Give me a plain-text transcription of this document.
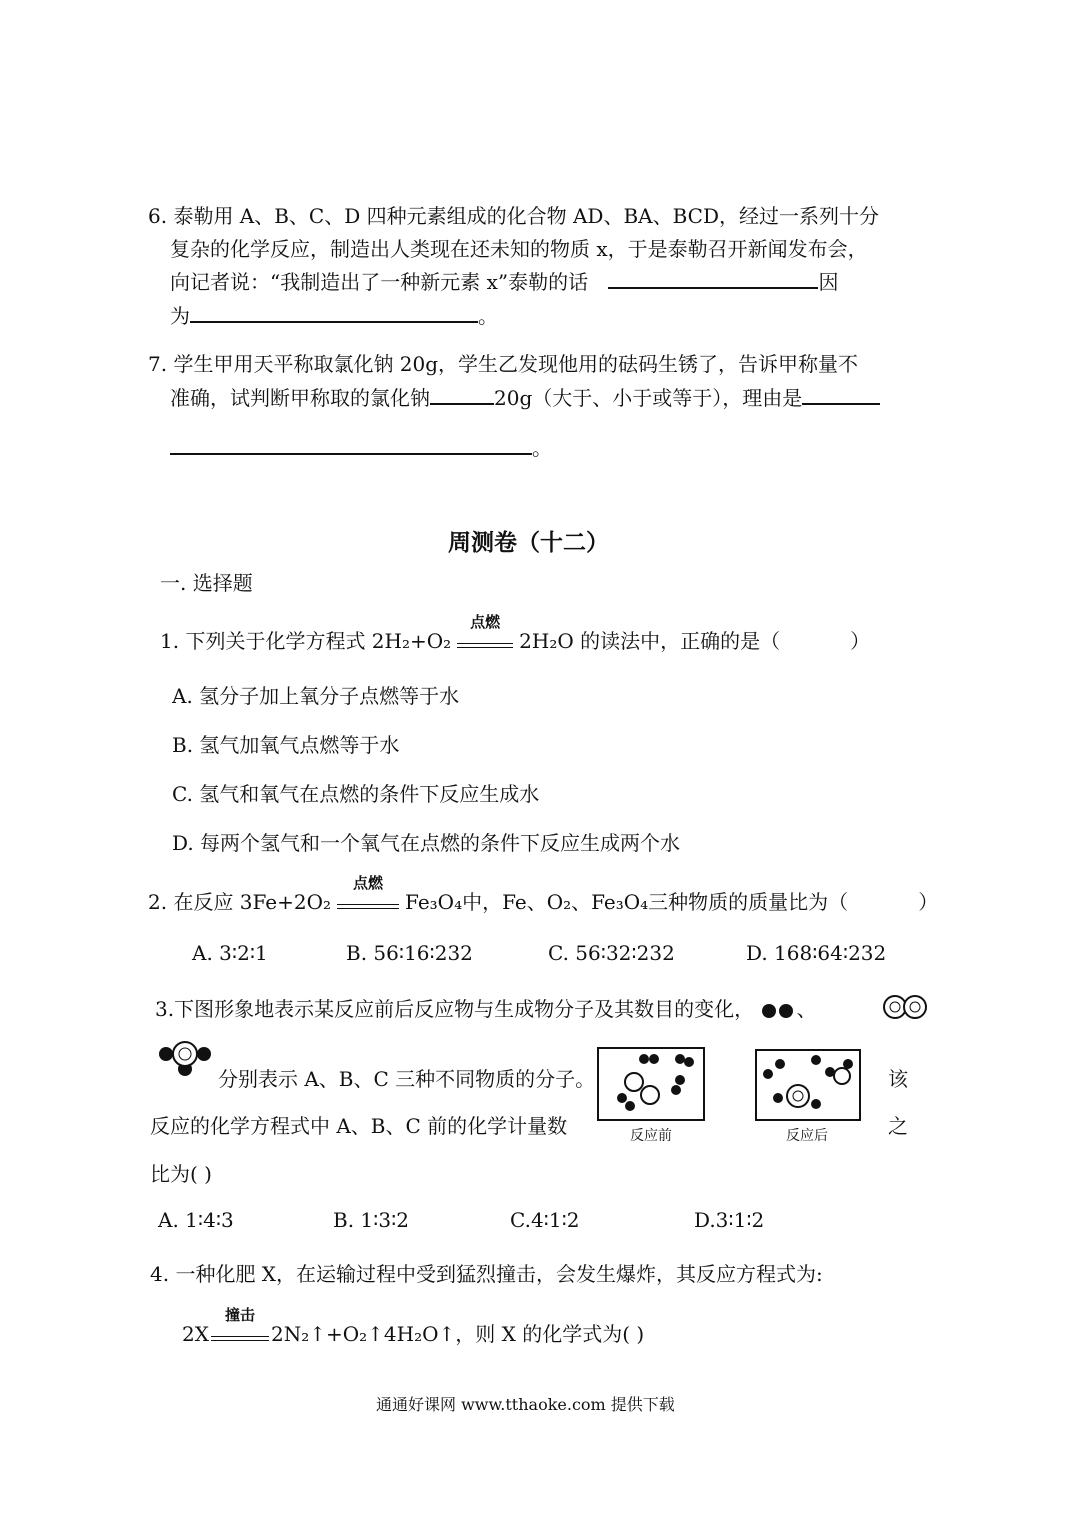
6. 泰勒用 A、B、C、D 四种元素组成的化合物 AD、BA、BCD，经过一系列十分
复杂的化学反应，制造出人类现在还未知的物质 x，于是泰勒召开新闻发布会，
向记者说：“我制造出了一种新元素 x”泰勒的话	因
为	。
7. 学生甲用天平称取氯化钠 20g，学生乙发现他用的砝码生锈了，告诉甲称量不
准确，试判断甲称取的氯化钠	20g（大于、小于或等于），理由是
。
周测卷（十二）
一. 选择题
1. 下列关于化学方程式 2H₂+O₂
点燃
2H₂O 的读法中，正确的是（	）
A. 氢分子加上氧分子点燃等于水
B. 氢气加氧气点燃等于水
C. 氢气和氧气在点燃的条件下反应生成水
D. 每两个氢气和一个氧气在点燃的条件下反应生成两个水
2. 在反应 3Fe+2O₂
点燃
Fe₃O₄中，Fe、O₂、Fe₃O₄三种物质的质量比为（	）
A. 3∶2∶1	B. 56∶16∶232	C. 56∶32∶232	D. 168∶64∶232
3.下图形象地表示某反应前后反应物与生成物分子及其数目的变化， 、
分别表示 A、B、C 三种不同物质的分子。	该
反应前	反应后
反应的化学方程式中 A、B、C 前的化学计量数	之
比为( )
A. 1∶4∶3	B. 1∶3∶2	C.4∶1∶2	D.3∶1∶2
4. 一种化肥 X，在运输过程中受到猛烈撞击，会发生爆炸，其反应方程式为:
2X
撞击
2N₂↑+O₂↑4H₂O↑，则 X 的化学式为( )
通通好课网 www.tthaoke.com 提供下载
